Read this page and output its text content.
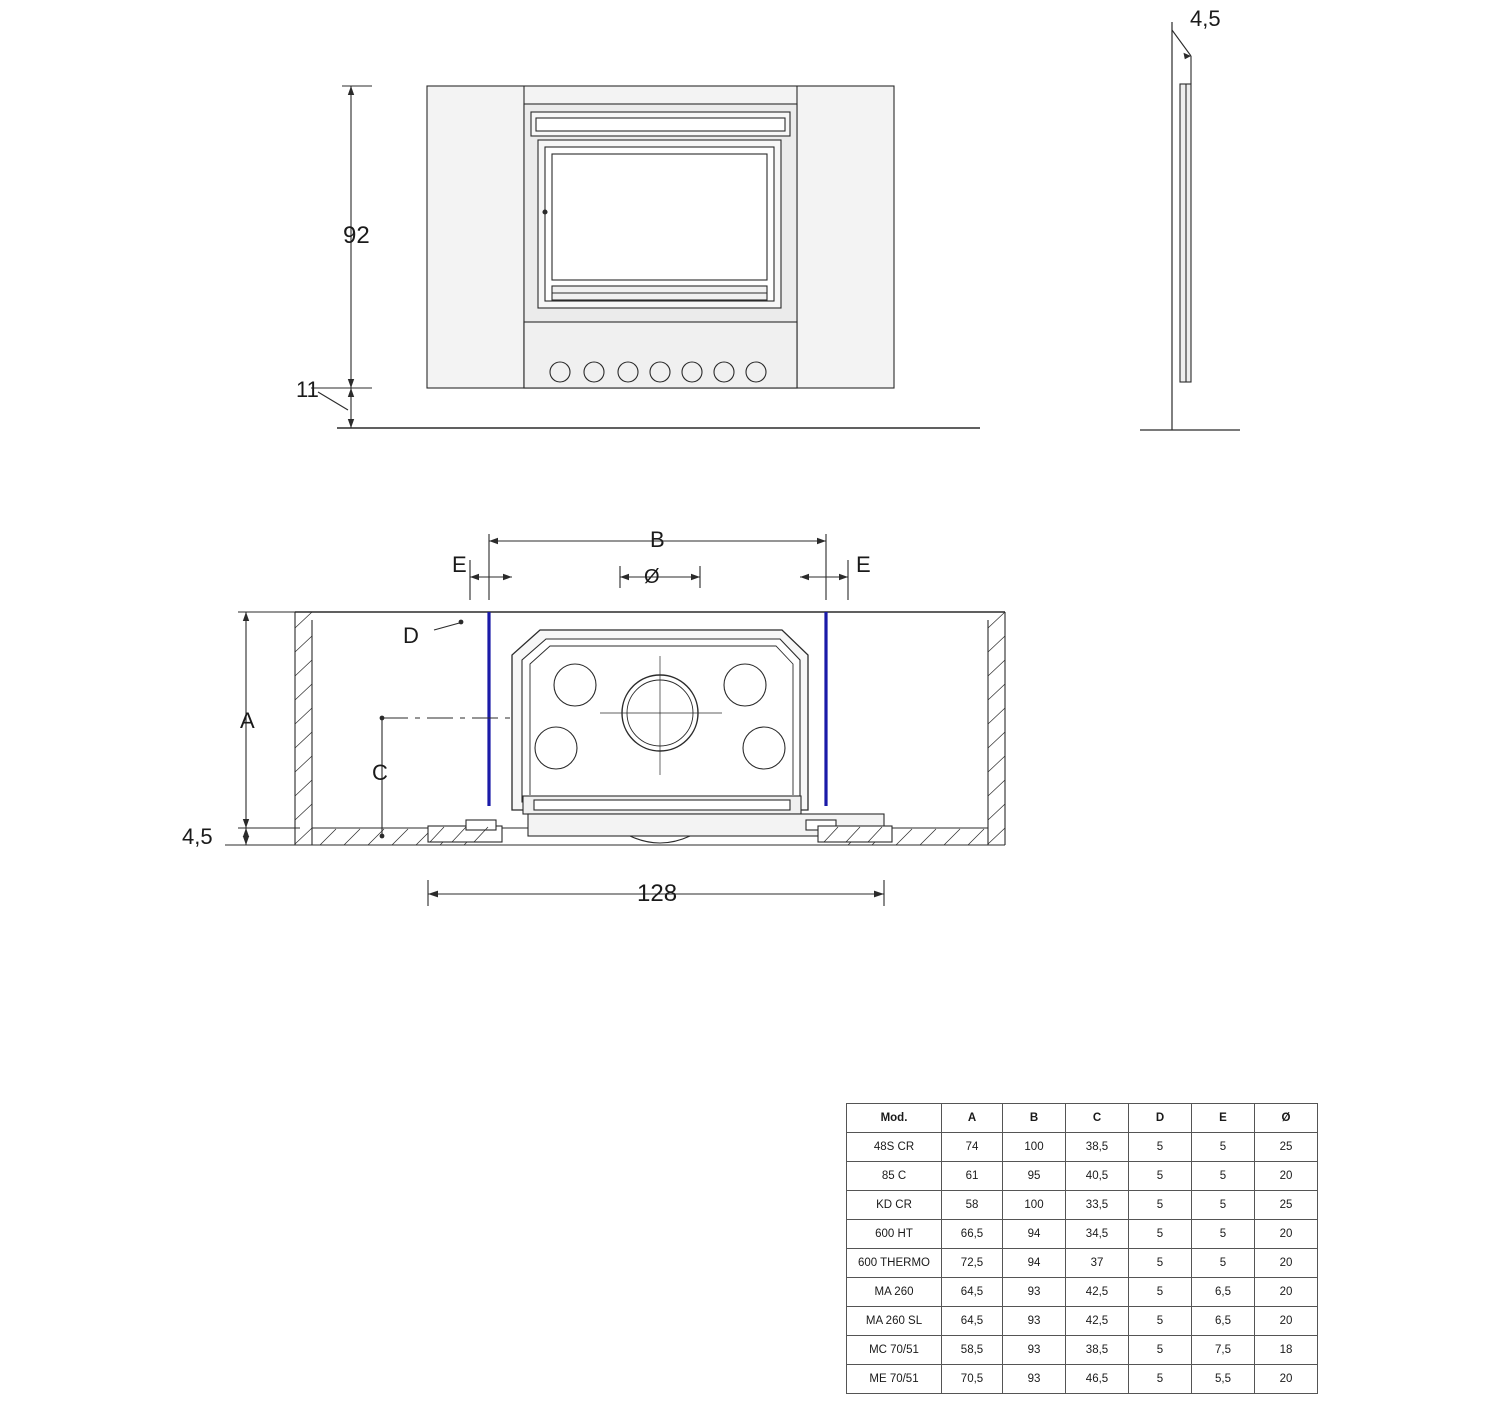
92
11
4,5
B
E	E
Ø
D
A
C
4,5
128
Mod.	A	B	C	D	E	Ø
48S CR	74	100	38,5	5	5	25
85 C	61	95	40,5	5	5	20
KD CR	58	100	33,5	5	5	25
600 HT	66,5	94	34,5	5	5	20
600 THERMO	72,5	94	37	5	5	20
MA 260	64,5	93	42,5	5	6,5	20
MA 260 SL	64,5	93	42,5	5	6,5	20
MC 70/51	58,5	93	38,5	5	7,5	18
ME 70/51	70,5	93	46,5	5	5,5	20
